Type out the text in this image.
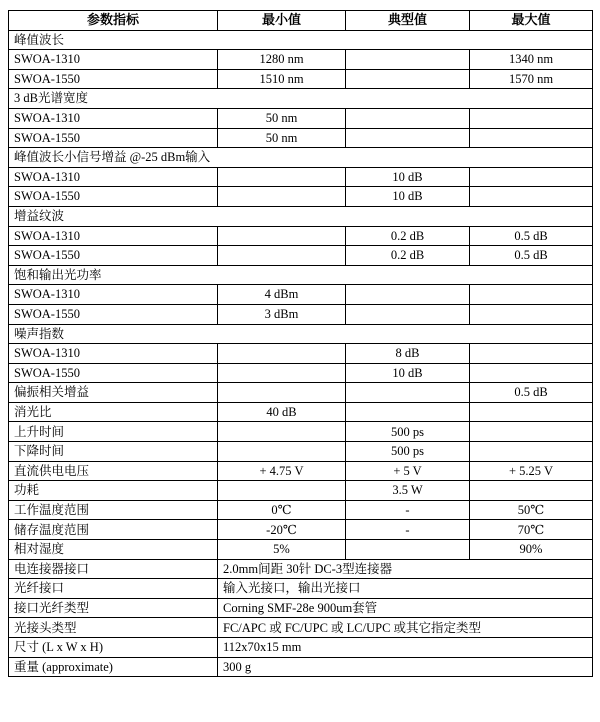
参数指标	最小值	典型值	最大值
峰值波长			
SWOA-1310	1280 nm		1340 nm
SWOA-1550	1510 nm		1570 nm
3 dB光谱宽度			
SWOA-1310	50 nm		
SWOA-1550	50 nm		
峰值波长小信号增益 @-25 dBm输入			
SWOA-1310		10 dB	
SWOA-1550		10 dB	
增益纹波			
SWOA-1310		0.2 dB	0.5 dB
SWOA-1550		0.2 dB	0.5 dB
饱和输出光功率			
SWOA-1310	4 dBm		
SWOA-1550	3 dBm		
噪声指数			
SWOA-1310		8 dB	
SWOA-1550		10 dB	
偏振相关增益			0.5 dB
消光比	40 dB		
上升时间		500 ps	
下降时间		500 ps	
直流供电电压	+ 4.75 V	+ 5 V	+ 5.25 V
功耗		3.5 W	
工作温度范围	0℃	-	50℃
储存温度范围	-20℃	-	70℃
相对湿度	5%		90%
电连接器接口	2.0mm间距 30针 DC-3型连接器		
光纤接口	输入光接口，输出光接口		
接口光纤类型	Corning SMF-28e 900um套管		
光接头类型	FC/APC 或 FC/UPC 或 LC/UPC 或其它指定类型		
尺寸 (L x W x H)	112x70x15 mm		
重量 (approximate)	300 g		
